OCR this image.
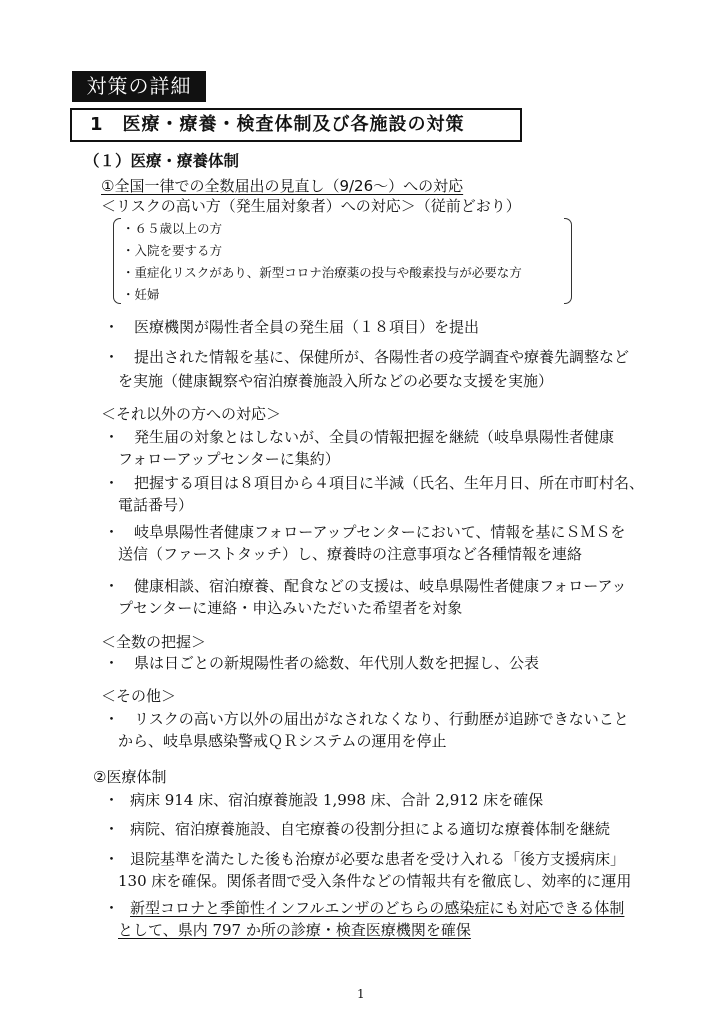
対策の詳細
1　医療・療養・検査体制及び各施設の対策
（１）医療・療養体制
①全国一律での全数届出の見直し（9/26～）への対応
＜リスクの高い方（発生届対象者）への対応＞（従前どおり）
・６５歳以上の方
・入院を要する方
・重症化リスクがあり、新型コロナ治療薬の投与や酸素投与が必要な方
・妊婦
・ 医療機関が陽性者全員の発生届（１８項目）を提出
・ 提出された情報を基に、保健所が、各陽性者の疫学調査や療養先調整など
を実施（健康観察や宿泊療養施設入所などの必要な支援を実施）
＜それ以外の方への対応＞
・ 発生届の対象とはしないが、全員の情報把握を継続（岐阜県陽性者健康
フォローアップセンターに集約）
・ 把握する項目は８項目から４項目に半減（氏名、生年月日、所在市町村名、
電話番号）
・ 岐阜県陽性者健康フォローアップセンターにおいて、情報を基にＳＭＳを
送信（ファーストタッチ）し、療養時の注意事項など各種情報を連絡
・ 健康相談、宿泊療養、配食などの支援は、岐阜県陽性者健康フォローアッ
プセンターに連絡・申込みいただいた希望者を対象
＜全数の把握＞
・ 県は日ごとの新規陽性者の総数、年代別人数を把握し、公表
＜その他＞
・ リスクの高い方以外の届出がなされなくなり、行動歴が追跡できないこと
から、岐阜県感染警戒ＱＲシステムの運用を停止
②医療体制
・ 病床 914 床、宿泊療養施設 1,998 床、合計 2,912 床を確保
・ 病院、宿泊療養施設、自宅療養の役割分担による適切な療養体制を継続
・ 退院基準を満たした後も治療が必要な患者を受け入れる「後方支援病床」
130 床を確保。関係者間で受入条件などの情報共有を徹底し、効率的に運用
・ 新型コロナと季節性インフルエンザのどちらの感染症にも対応できる体制
として、県内 797 か所の診療・検査医療機関を確保
1
